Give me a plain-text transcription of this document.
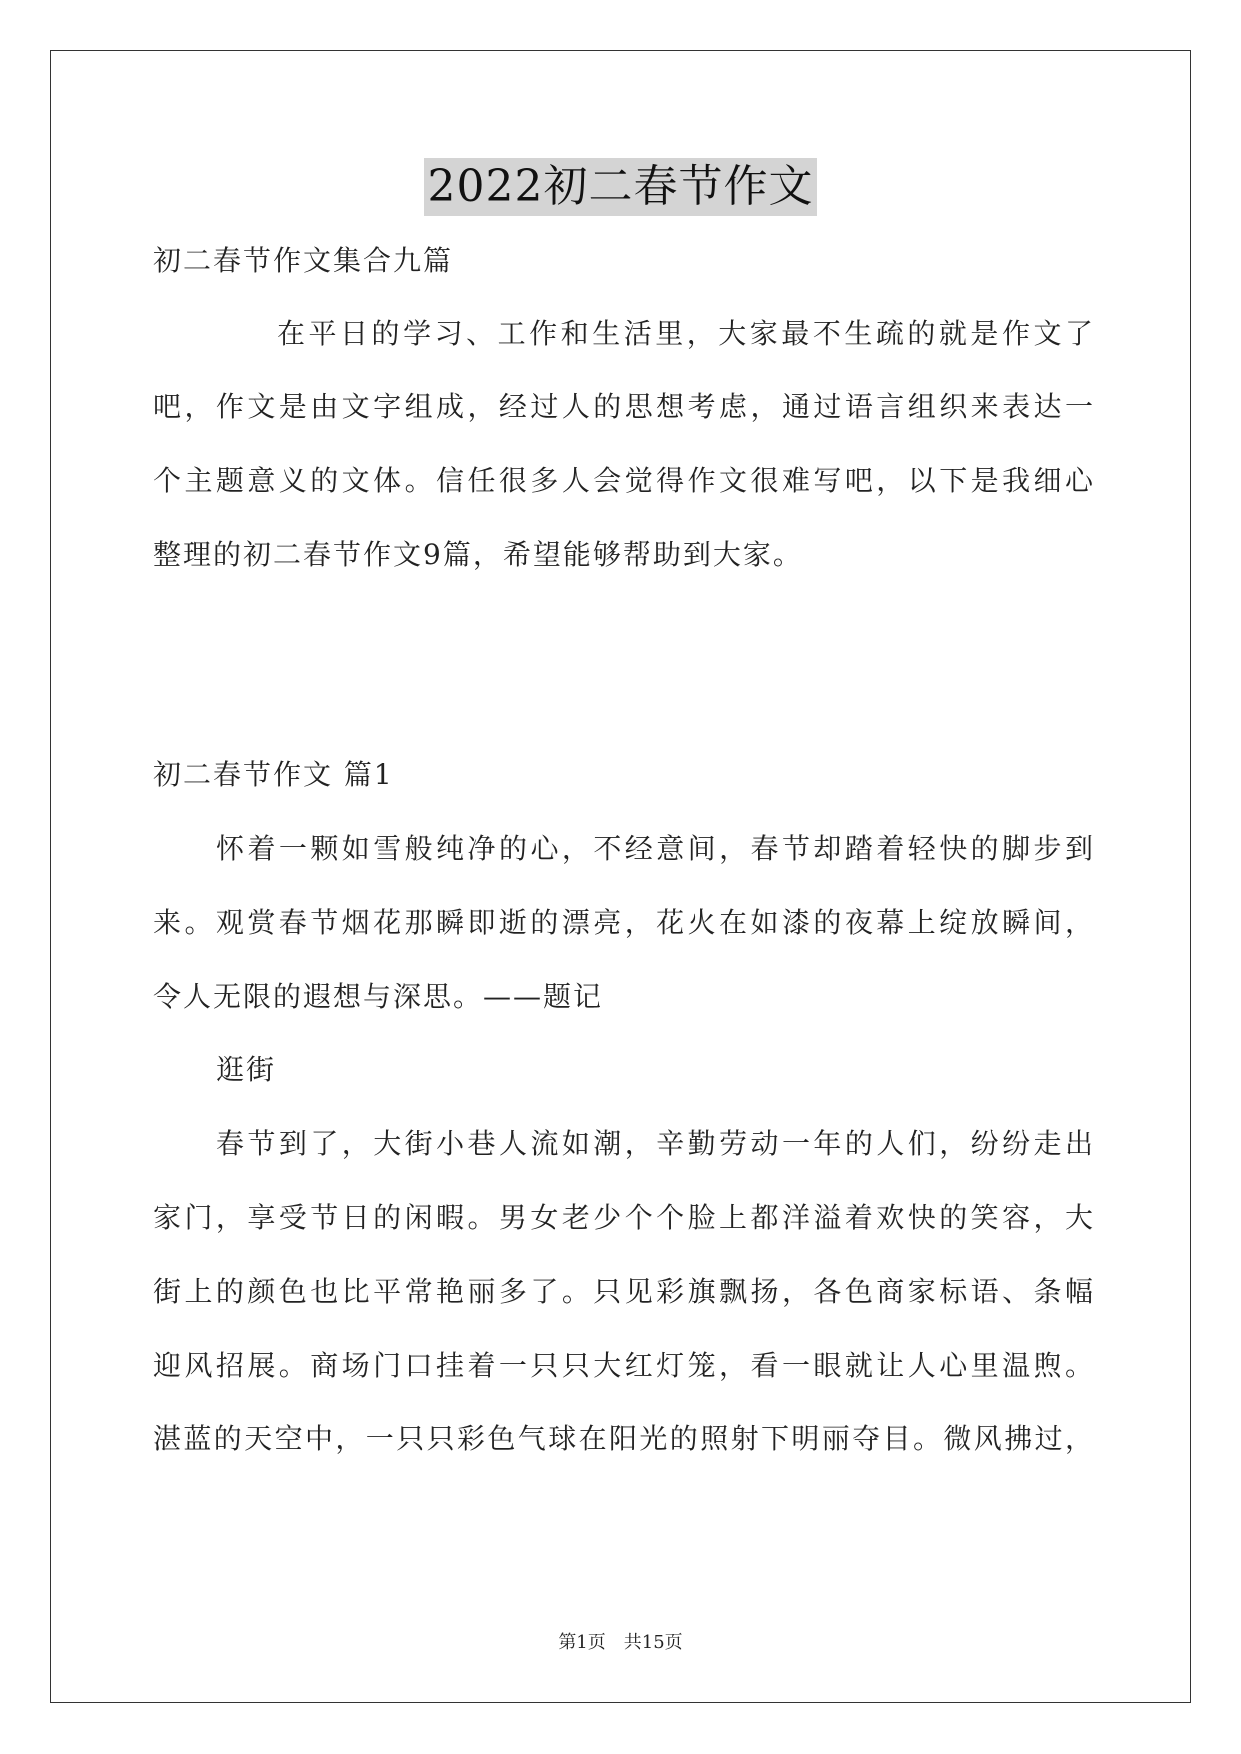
2022初二春节作文
初二春节作文集合九篇
在平日的学习、工作和生活里，大家最不生疏的就是作文了
吧，作文是由文字组成，经过人的思想考虑，通过语言组织来表达一
个主题意义的文体。信任很多人会觉得作文很难写吧，以下是我细心
整理的初二春节作文9篇，希望能够帮助到大家。
初二春节作文 篇1
怀着一颗如雪般纯净的心，不经意间，春节却踏着轻快的脚步到
来。观赏春节烟花那瞬即逝的漂亮，花火在如漆的夜幕上绽放瞬间，
令人无限的遐想与深思。——题记
逛街
春节到了，大街小巷人流如潮，辛勤劳动一年的人们，纷纷走出
家门，享受节日的闲暇。男女老少个个脸上都洋溢着欢快的笑容，大
街上的颜色也比平常艳丽多了。只见彩旗飘扬，各色商家标语、条幅
迎风招展。商场门口挂着一只只大红灯笼，看一眼就让人心里温煦。
湛蓝的天空中，一只只彩色气球在阳光的照射下明丽夺目。微风拂过，
第1页 共15页
